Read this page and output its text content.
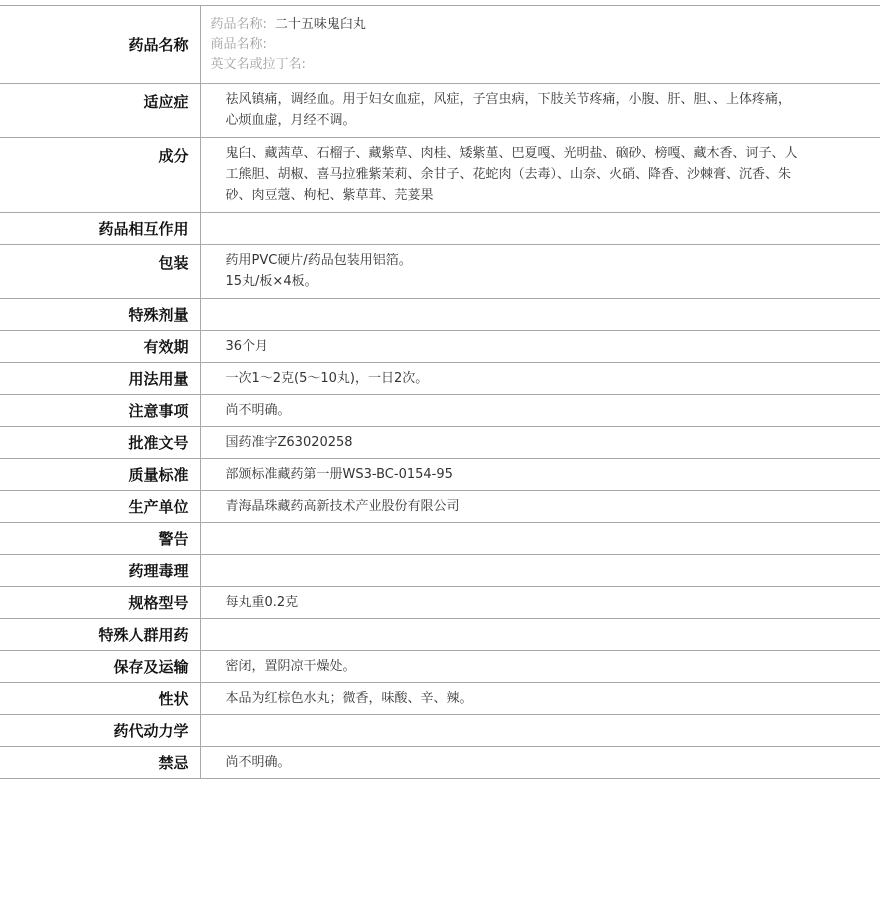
药品名称	药品名称: 二十五味鬼臼丸
商品名称:
英文名或拉丁名:

适应症	祛风镇痛，调经血。用于妇女血症，风症，子宫虫病，下肢关节疼痛，小腹、肝、胆、、上体疼痛，心烦血虚，月经不调。
成分	鬼臼、藏茜草、石榴子、藏紫草、肉桂、矮紫堇、巴夏嘎、光明盐、硇砂、榜嘎、藏木香、诃子、人工熊胆、胡椒、喜马拉雅紫茉莉、余甘子、花蛇肉（去毒）、山奈、火硝、降香、沙棘膏、沉香、朱砂、肉豆蔻、枸杞、紫草茸、芫荽果
药品相互作用	
包装	药用PVC硬片/药品包装用铝箔。
15丸/板×4板。

特殊剂量	
有效期	36个月
用法用量	一次1～2克(5～10丸)，一日2次。
注意事项	尚不明确。
批准文号	国药准字Z63020258
质量标准	部颁标准藏药第一册WS3-BC-0154-95
生产单位	青海晶珠藏药高新技术产业股份有限公司
警告	
药理毒理	
规格型号	每丸重0.2克
特殊人群用药	
保存及运输	密闭，置阴凉干燥处。
性状	本品为红棕色水丸；微香，味酸、辛、辣。
药代动力学	
禁忌	尚不明确。
